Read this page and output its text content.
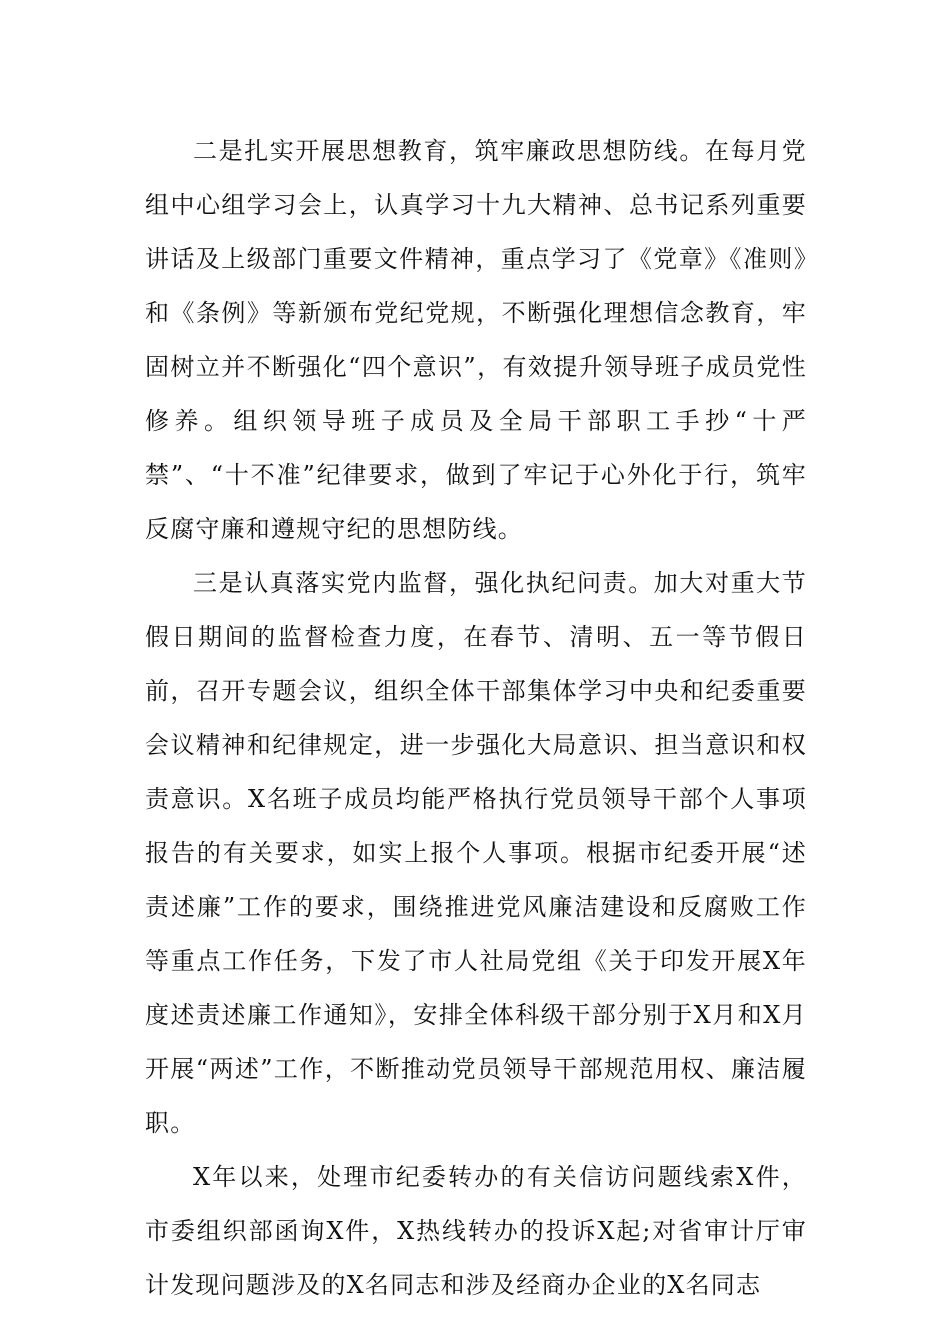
二是扎实开展思想教育，筑牢廉政思想防线。在每月党组中心组学习会上，认真学习十九大精神、总书记系列重要讲话及上级部门重要文件精神，重点学习了《党章》《准则》和《条例》等新颁布党纪党规，不断强化理想信念教育，牢固树立并不断强化“四个意识”，有效提升领导班子成员党性修养。组织领导班子成员及全局干部职工手抄“十严禁”、“十不准”纪律要求，做到了牢记于心外化于行，筑牢反腐守廉和遵规守纪的思想防线。

三是认真落实党内监督，强化执纪问责。加大对重大节假日期间的监督检查力度，在春节、清明、五一等节假日前，召开专题会议，组织全体干部集体学习中央和纪委重要会议精神和纪律规定，进一步强化大局意识、担当意识和权责意识。X名班子成员均能严格执行党员领导干部个人事项报告的有关要求，如实上报个人事项。根据市纪委开展“述责述廉”工作的要求，围绕推进党风廉洁建设和反腐败工作等重点工作任务，下发了市人社局党组《关于印发开展X年度述责述廉工作通知》，安排全体科级干部分别于X月和X月开展“两述”工作，不断推动党员领导干部规范用权、廉洁履职。

X年以来，处理市纪委转办的有关信访问题线索X件，市委组织部函询X件，X热线转办的投诉X起;对省审计厅审计发现问题涉及的X名同志和涉及经商办企业的X名同志
